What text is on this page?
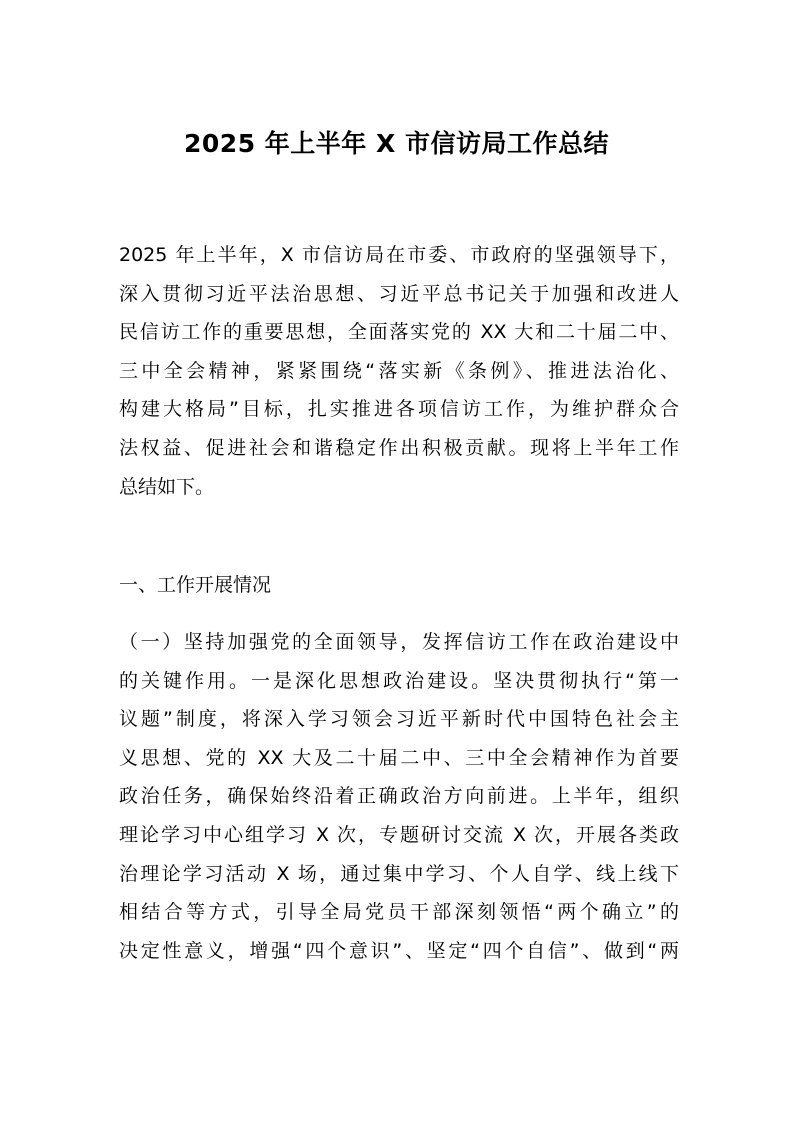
2025 年上半年 X 市信访局工作总结
2025 年上半年，X 市信访局在市委、市政府的坚强领导下，
深入贯彻习近平法治思想、习近平总书记关于加强和改进人
民信访工作的重要思想，全面落实党的 XX 大和二十届二中、
三中全会精神，紧紧围绕“落实新《条例》、推进法治化、
构建大格局”目标，扎实推进各项信访工作，为维护群众合
法权益、促进社会和谐稳定作出积极贡献。现将上半年工作
总结如下。
一、工作开展情况
（一）坚持加强党的全面领导，发挥信访工作在政治建设中
的关键作用。一是深化思想政治建设。坚决贯彻执行“第一
议题”制度，将深入学习领会习近平新时代中国特色社会主
义思想、党的 XX 大及二十届二中、三中全会精神作为首要
政治任务，确保始终沿着正确政治方向前进。上半年，组织
理论学习中心组学习 X 次，专题研讨交流 X 次，开展各类政
治理论学习活动 X 场，通过集中学习、个人自学、线上线下
相结合等方式，引导全局党员干部深刻领悟“两个确立”的
决定性意义，增强“四个意识”、坚定“四个自信”、做到“两
